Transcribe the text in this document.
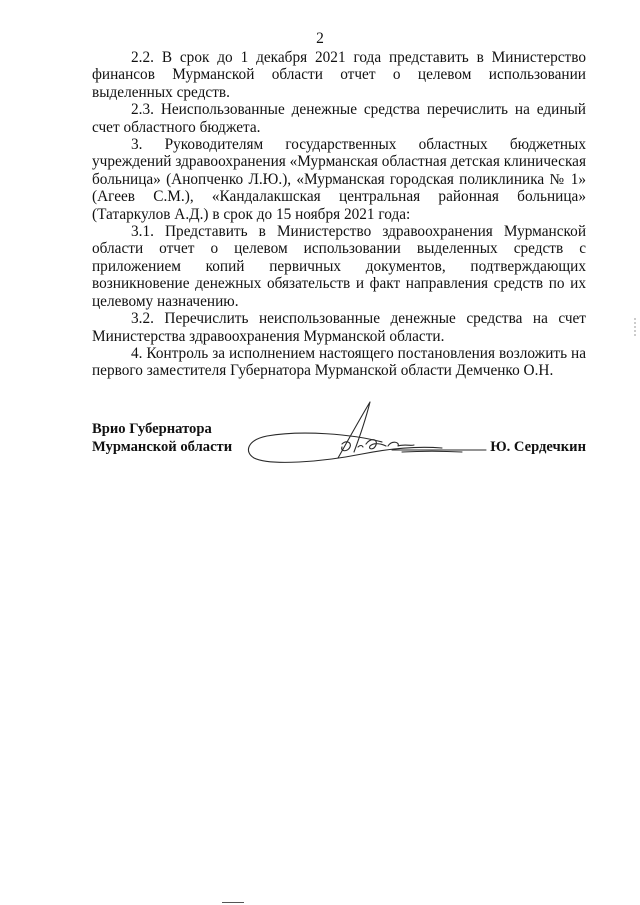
2

2.2. В срок до 1 декабря 2021 года представить в Министерство финансов Мурманской области отчет о целевом использовании выделенных средств.

2.3. Неиспользованные денежные средства перечислить на единый счет областного бюджета.

3. Руководителям государственных областных бюджетных учреждений здравоохранения «Мурманская областная детская клиническая больница» (Анопченко Л.Ю.), «Мурманская городская поликлиника № 1» (Агеев С.М.), «Кандалакшская центральная районная больница» (Татаркулов А.Д.) в срок до 15 ноября 2021 года:

3.1. Представить в Министерство здравоохранения Мурманской области отчет о целевом использовании выделенных средств с приложением копий первичных документов, подтверждающих возникновение денежных обязательств и факт направления средств по их целевому назначению.

3.2. Перечислить неиспользованные денежные средства на счет Министерства здравоохранения Мурманской области.

4. Контроль за исполнением настоящего постановления возложить на первого заместителя Губернатора Мурманской области Демченко О.Н.

Врио Губернатора
Мурманской области	Ю. Сердечкин
